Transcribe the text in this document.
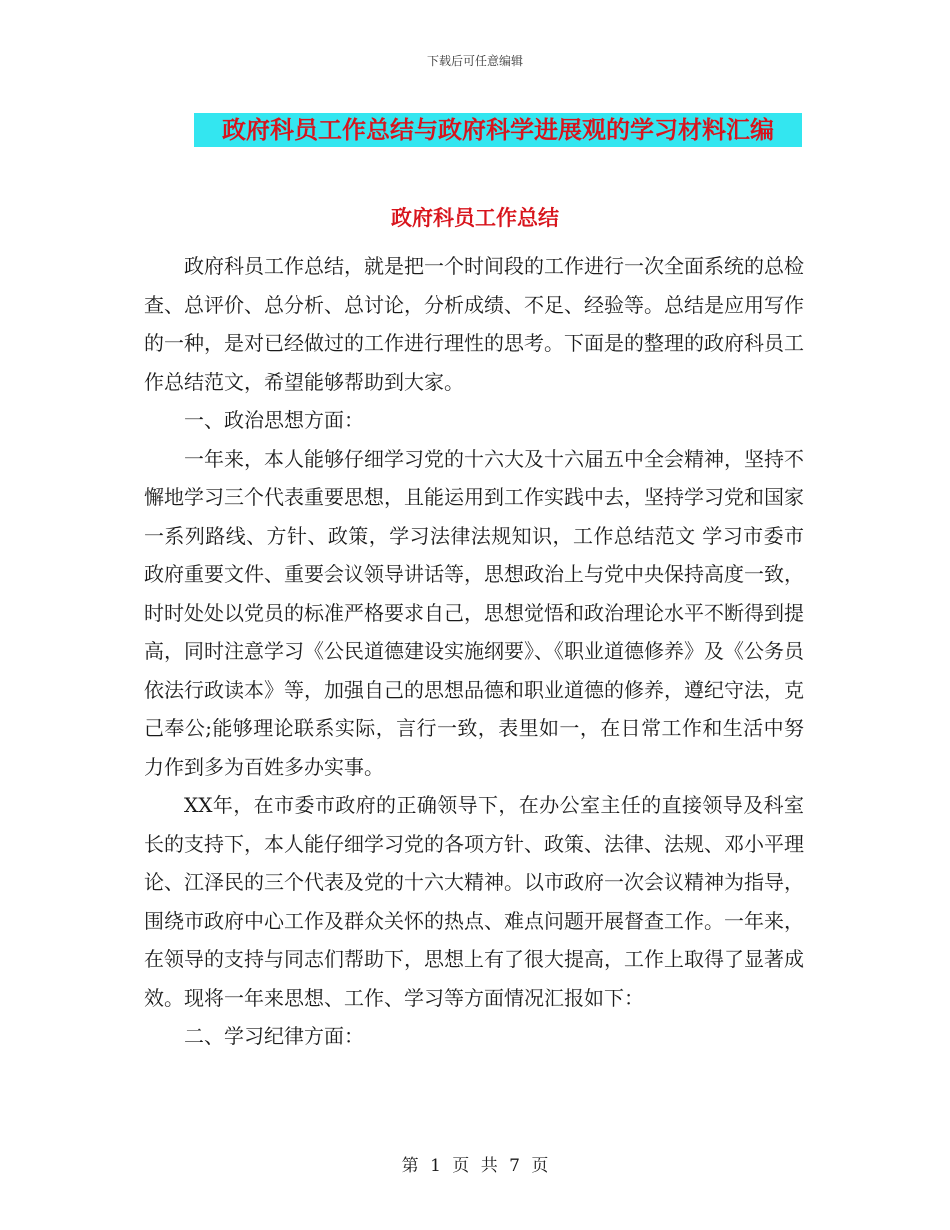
下载后可任意编辑
政府科员工作总结与政府科学进展观的学习材料汇编
政府科员工作总结

政府科员工作总结，就是把一个时间段的工作进行一次全面系统的总检查、总评价、总分析、总讨论，分析成绩、不足、经验等。总结是应用写作的一种，是对已经做过的工作进行理性的思考。下面是的整理的政府科员工作总结范文，希望能够帮助到大家。

一、政治思想方面：

一年来，本人能够仔细学习党的十六大及十六届五中全会精神，坚持不懈地学习三个代表重要思想，且能运用到工作实践中去，坚持学习党和国家一系列路线、方针、政策，学习法律法规知识，工作总结范文 学习市委市政府重要文件、重要会议领导讲话等，思想政治上与党中央保持高度一致，时时处处以党员的标准严格要求自己，思想觉悟和政治理论水平不断得到提高，同时注意学习《公民道德建设实施纲要》、《职业道德修养》及《公务员依法行政读本》等，加强自己的思想品德和职业道德的修养，遵纪守法，克己奉公;能够理论联系实际，言行一致，表里如一，在日常工作和生活中努力作到多为百姓多办实事。

XX年，在市委市政府的正确领导下，在办公室主任的直接领导及科室长的支持下，本人能仔细学习党的各项方针、政策、法律、法规、邓小平理论、江泽民的三个代表及党的十六大精神。以市政府一次会议精神为指导，围绕市政府中心工作及群众关怀的热点、难点问题开展督查工作。一年来，在领导的支持与同志们帮助下，思想上有了很大提高，工作上取得了显著成效。现将一年来思想、工作、学习等方面情况汇报如下：

二、学习纪律方面：

第 1 页 共 7 页
